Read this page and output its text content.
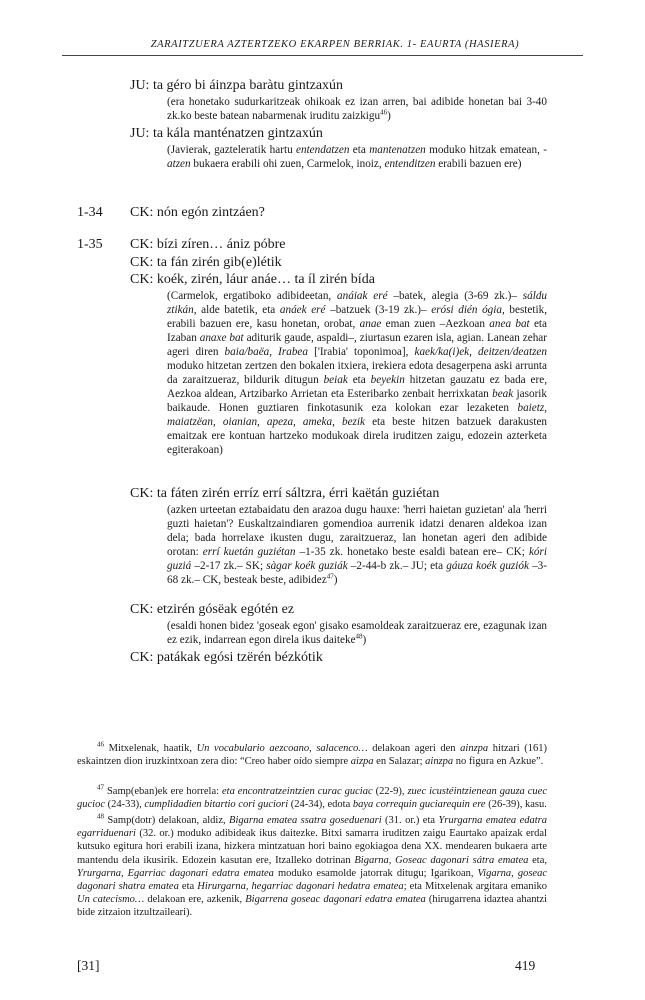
ZARAITZUERA AZTERTZEKO EKARPEN BERRIAK. 1- EAURTA (HASIERA)
JU: ta géro bi áinzpa baràtu gintzaxún
(era honetako sudurkaritzeak ohikoak ez izan arren, bai adibide honetan bai 3-40 zk.ko beste batean nabarmenak iruditu zaizkigu$^{46}$)
JU: ta kála manténatzen gintzaxún
(Javierak, gazteleratik hartu entendatzen eta mantenatzen moduko hitzak ematean, -atzen bukaera erabili ohi zuen, Carmelok, inoiz, entenditzen erabili bazuen ere)
1-34 CK: nón egón zintzáen?
1-35 CK: bízi zíren… ániz póbre
CK: ta fán zirén gib(e)létik
CK: koék, zirén, láur anáe… ta íl zirén bída
(Carmelok, ergatiboko adibideetan, anáiak eré –batek, alegia (3-69 zk.)– sáldu ztikán, alde batetik, eta anáek eré –batzuek (3-19 zk.)– erósi dién ógia, bestetik, erabili bazuen ere, kasu honetan, orobat, anae eman zuen –Aezkoan anea bat eta Izaban anaxe bat aditurik gaude, aspaldi–, ziurtasun ezaren isla, agian. Lanean zehar ageri diren baia/baëa, Irabea ['Irabia' toponimoa], kaek/ka(i)ek, deitzen/deatzen moduko hitzetan zertzen den bokalen itxiera, irekiera edota desagerpena aski arrunta da zaraitzueraz, bildurik ditugun beiak eta beyekin hitzetan gauzatu ez bada ere, Aezkoa aldean, Artzibarko Arrietan eta Esteribarko zenbait herrixkatan beak jasorik baikaude. Honen guztiaren finkotasunik eza kolokan ezar lezaketen baietz, maiatzëan, oianian, apeza, ameka, bezik eta beste hitzen batzuek darakusten emaitzak ere kontuan hartzeko modukoak direla iruditzen zaigu, edozein azterketa egiterakoan)
CK: ta fáten zirén erríz errí sáltzra, érri kaëtán guziétan
(azken urteetan eztabaidatu den arazoa dugu hauxe: 'herri haietan guzietan' ala 'herri guzti haietan'? Euskaltzaindiaren gomendioa aurrenik idatzi denaren aldekoa izan dela; bada horrelaxe ikusten dugu, zaraitzueraz, lan honetan ageri den adibide orotan: errí kuetán guziétan –1-35 zk. honetako beste esaldi batean ere– CK; kóri guziá –2-17 zk.– SK; sàgar koék guziák –2-44-b zk.– JU; eta gáuza koék guziók –3-68 zk.– CK, besteak beste, adibidez$^{47}$)
CK: etzirén gósëak egótén ez
(esaldi honen bidez 'goseak egon' gisako esamoldeak zaraitzueraz ere, ezagunak izan ez ezik, indarrean egon direla ikus daiteke$^{48}$)
CK: patákak egósi tzërén bézkótik
$^{46}$ Mitxelenak, haatik, Un vocabulario aezcoano, salacenco… delakoan ageri den ainzpa hitzari (161) eskaintzen dion iruzkintxoan zera dio: “Creo haber oído siempre aizpa en Salazar; ainzpa no figura en Azkue”.
$^{47}$ Samp(eban)ek ere horrela: eta encontratzeintzien curac guciac (22-9), zuec icustéintzienean gauza cuec gucioc (24-33), cumplidadien bitartio cori guciori (24-34), edota baya correquin guciarequin ere (26-39), kasu.
$^{48}$ Samp(dotr) delakoan, aldiz, Bigarna ematea ssatra goseduenari (31. or.) eta Yrurgarna ematea edatra egarriduenari (32. or.) moduko adibideak ikus daitezke. Bitxi samarra iruditzen zaigu Eaurtako apaizak erdal kutsuko egitura hori erabili izana, hizkera mintzatuan hori baino egokiagoa dena XX. mendearen bukaera arte mantendu dela ikusirik. Edozein kasutan ere, Itzalleko dotrinan Bigarna, Goseac dagonari sátra ematea eta, Yrurgarna, Egarriac dagonari edatra ematea moduko esamolde jatorrak ditugu; Igarikoan, Vigarna, goseac dagonari shatra ematea eta Hirurgarna, hegarriac dagonari hedatra ematea; eta Mitxelenak argitara emaniko Un catecismo… delakoan ere, azkenik, Bigarrena goseac dagonari edatra ematea (hirugarrena idaztea ahantzi bide zitzaion itzultzaileari).
[31]	419
